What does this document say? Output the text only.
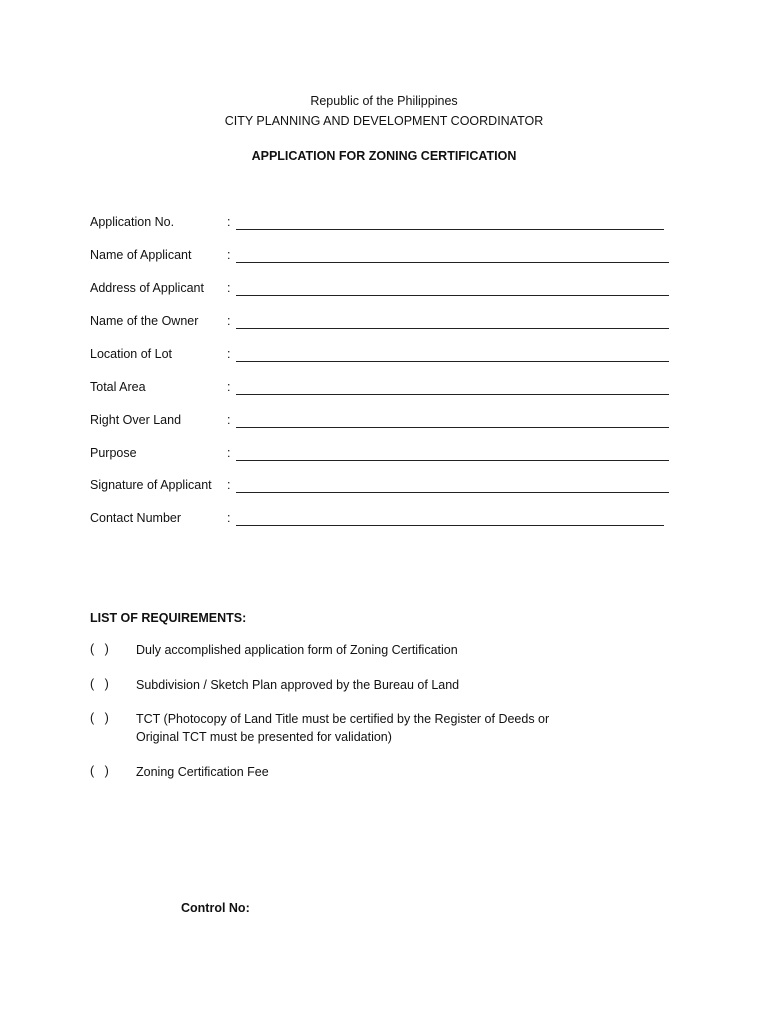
Republic of the Philippines
CITY PLANNING AND DEVELOPMENT COORDINATOR
APPLICATION FOR ZONING CERTIFICATION
Application No.	:
Name of Applicant	:
Address of Applicant :
Name of the Owner :
Location of Lot	:
Total Area	:
Right Over Land	:
Purpose	:
Signature of Applicant :
Contact Number	:
LIST OF REQUIREMENTS:
(   ) Duly accomplished application form of Zoning Certification
(   ) Subdivision / Sketch Plan approved by the Bureau of Land
(   ) TCT (Photocopy of Land Title must be certified by the Register of Deeds or
Original TCT must be presented for validation)
(   ) Zoning Certification Fee
Control No:
